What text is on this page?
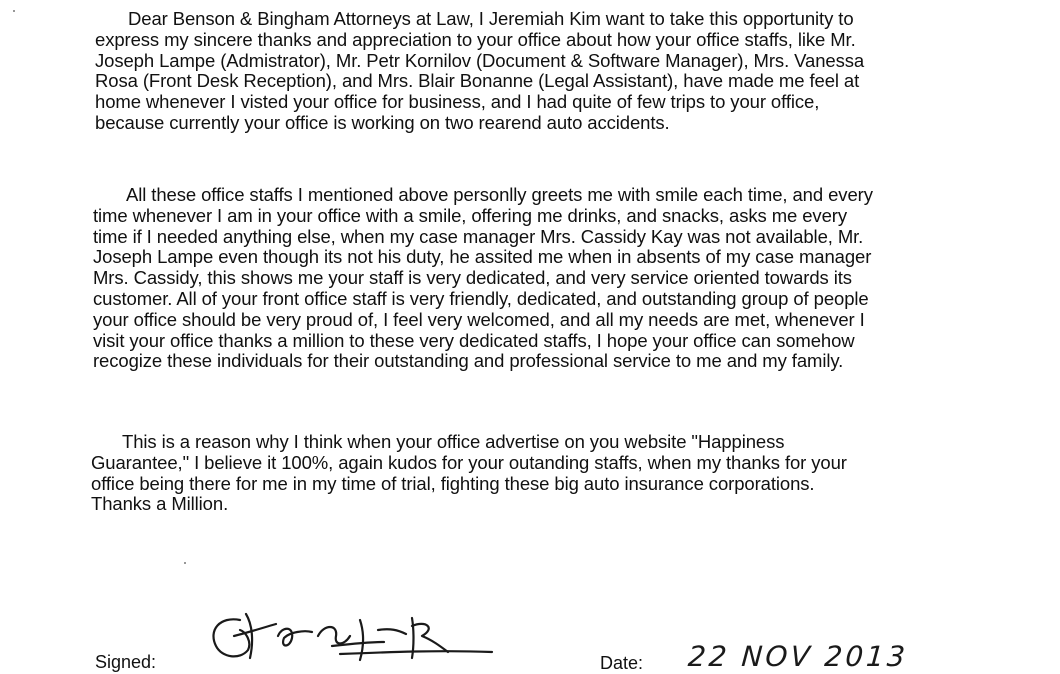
Dear Benson & Bingham Attorneys at Law, I Jeremiah Kim want to take this opportunity to
express my sincere thanks and appreciation to your office about how your office staffs, like Mr.
Joseph Lampe (Admistrator), Mr. Petr Kornilov (Document & Software Manager), Mrs. Vanessa
Rosa (Front Desk Reception), and Mrs. Blair Bonanne (Legal Assistant), have made me feel at
home whenever I visted your office for business, and I had quite of few trips to your office,
because currently your office is working on two rearend auto accidents.
All these office staffs I mentioned above personlly greets me with smile each time, and every
time whenever I am in your office with a smile, offering me drinks, and snacks, asks me every
time if I needed anything else, when my case manager Mrs. Cassidy Kay was not available, Mr.
Joseph Lampe even though its not his duty, he assited me when in absents of my case manager
Mrs. Cassidy, this shows me your staff is very dedicated, and very service oriented towards its
customer. All of your front office staff is very friendly, dedicated, and outstanding group of people
your office should be very proud of, I feel very welcomed, and all my needs are met, whenever I
visit your office thanks a million to these very dedicated staffs, I hope your office can somehow
recogize these individuals for their outstanding and professional service to me and my family.
This is a reason why I think when your office advertise on you website "Happiness
Guarantee," I believe it 100%, again kudos for your outanding staffs, when my thanks for your
office being there for me in my time of trial, fighting these big auto insurance corporations.
Thanks a Million.
Signed:	Date: 22 NOV 2013
